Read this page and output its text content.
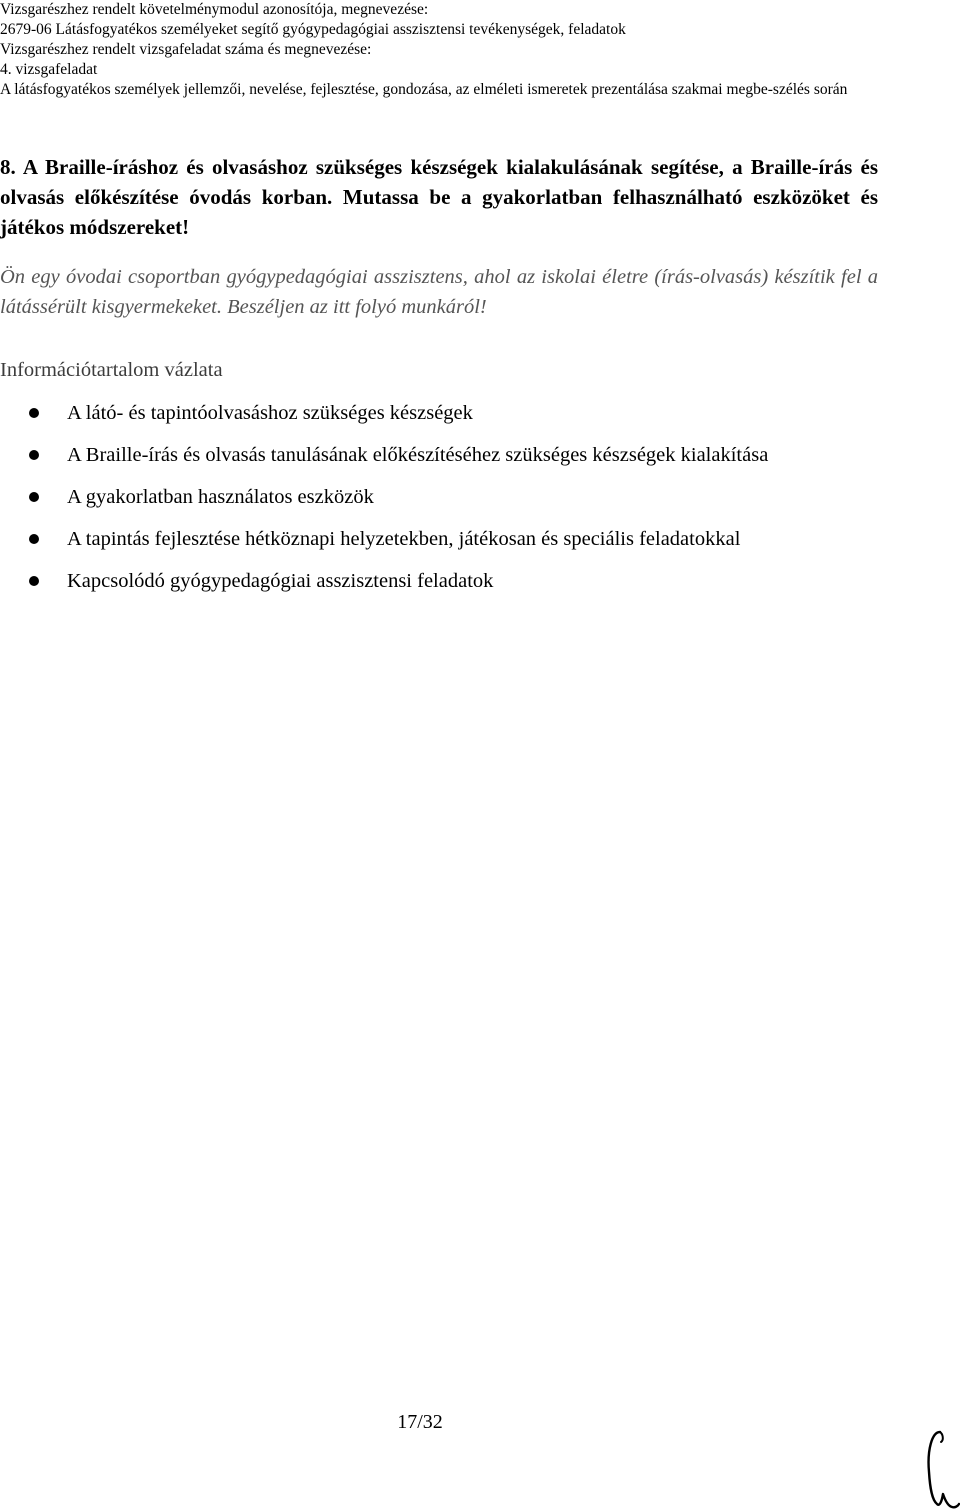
Vizsgarészhez rendelt követelménymodul azonosítója, megnevezése:
2679-06 Látásfogyatékos személyeket segítő gyógypedagógiai asszisztensi tevékenységek, feladatok
Vizsgarészhez rendelt vizsgafeladat száma és megnevezése:
4. vizsgafeladat
A látásfogyatékos személyek jellemzői, nevelése, fejlesztése, gondozása, az elméleti ismeretek prezentálása szakmai megbe-szélés során
8. A Braille-íráshoz és olvasáshoz szükséges készségek kialakulásának segítése, a Braille-írás és olvasás előkészítése óvodás korban. Mutassa be a gyakorlatban felhasználható eszközöket és játékos módszereket!
Ön egy óvodai csoportban gyógypedagógiai asszisztens, ahol az iskolai életre (írás-olvasás) készítik fel a látássérült kisgyermekeket. Beszéljen az itt folyó munkáról!
Információtartalom vázlata
A látó- és tapintóolvasáshoz szükséges készségek
A Braille-írás és olvasás tanulásának előkészítéséhez szükséges készségek kialakítása
A gyakorlatban használatos eszközök
A tapintás fejlesztése hétköznapi helyzetekben, játékosan és speciális feladatokkal
Kapcsolódó gyógypedagógiai asszisztensi feladatok
17/32
